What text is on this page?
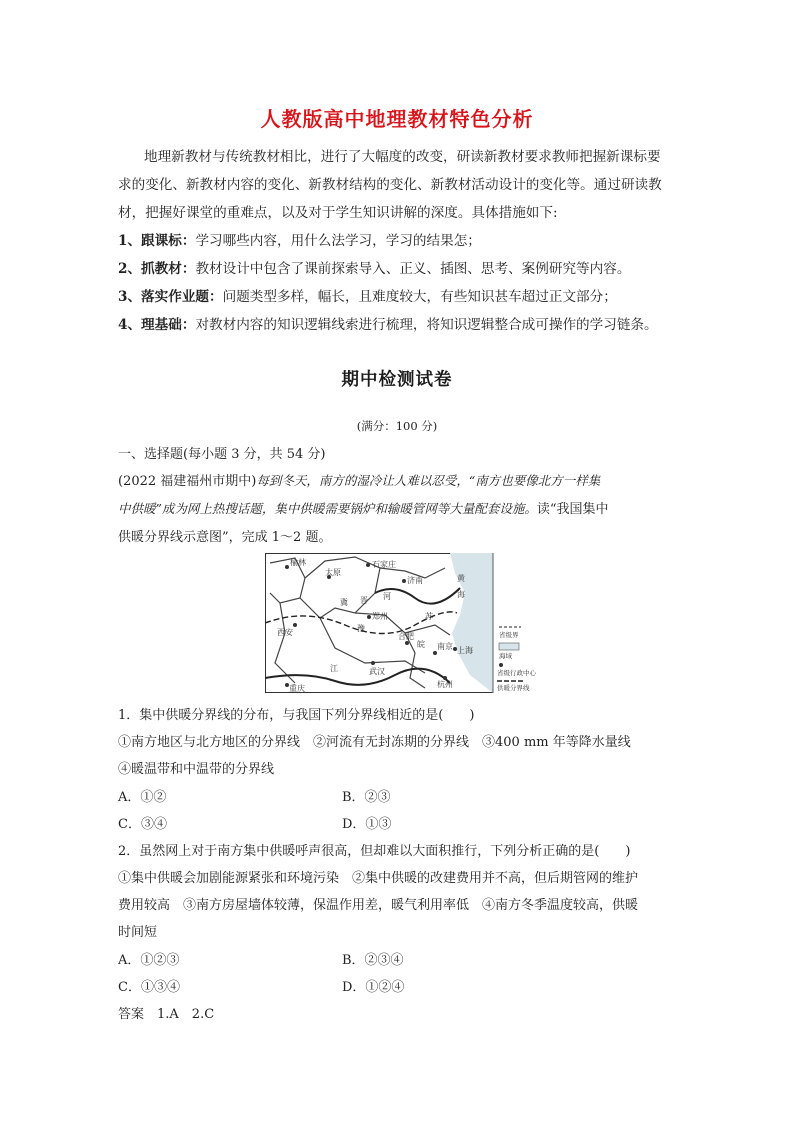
人教版高中地理教材特色分析
地理新教材与传统教材相比，进行了大幅度的改变，研读新教材要求教师把握新课标要
求的变化、新教材内容的变化、新教材结构的变化、新教材活动设计的变化等。通过研读教
材，把握好课堂的重难点，以及对于学生知识讲解的深度。具体措施如下:
1、跟课标：学习哪些内容，用什么法学习，学习的结果怎；
2、抓教材：教材设计中包含了课前探索导入、正义、插图、思考、案例研究等内容。
3、落实作业题：问题类型多样，幅长，且难度较大，有些知识甚车超过正文部分；
4、理基础：对教材内容的知识逻辑线索进行梳理，将知识逻辑整合成可操作的学习链条。
期中检测试卷
(满分：100 分)
一、选择题(每小题 3 分，共 54 分)
(2022 福建福州市期中)每到冬天，南方的湿冷让人难以忍受，“南方也要像北方一样集
中供暖”成为网上热搜话题，集中供暖需要锅炉和输暖管网等大量配套设施。读“我国集中
供暖分界线示意图”，完成 1～2 题。
榆林
太原
石家庄
济南
西安
郑州
合肥
南京 上海
武汉
杭州
重庆
冀 晋
豫
皖
苏
江
河
黄
海
省级界
海域
省级行政中心
供暖分界线
1．集中供暖分界线的分布，与我国下列分界线相近的是(　　)
①南方地区与北方地区的分界线　②河流有无封冻期的分界线　③400 mm 年等降水量线
④暖温带和中温带的分界线
A．①②	B．②③
C．③④	D．①③
2．虽然网上对于南方集中供暖呼声很高，但却难以大面积推行，下列分析正确的是(　　)
①集中供暖会加剧能源紧张和环境污染　②集中供暖的改建费用并不高，但后期管网的维护
费用较高　③南方房屋墙体较薄，保温作用差，暖气利用率低　④南方冬季温度较高，供暖
时间短
A．①②③	B．②③④
C．①③④	D．①②④
答案　1.A　2.C
